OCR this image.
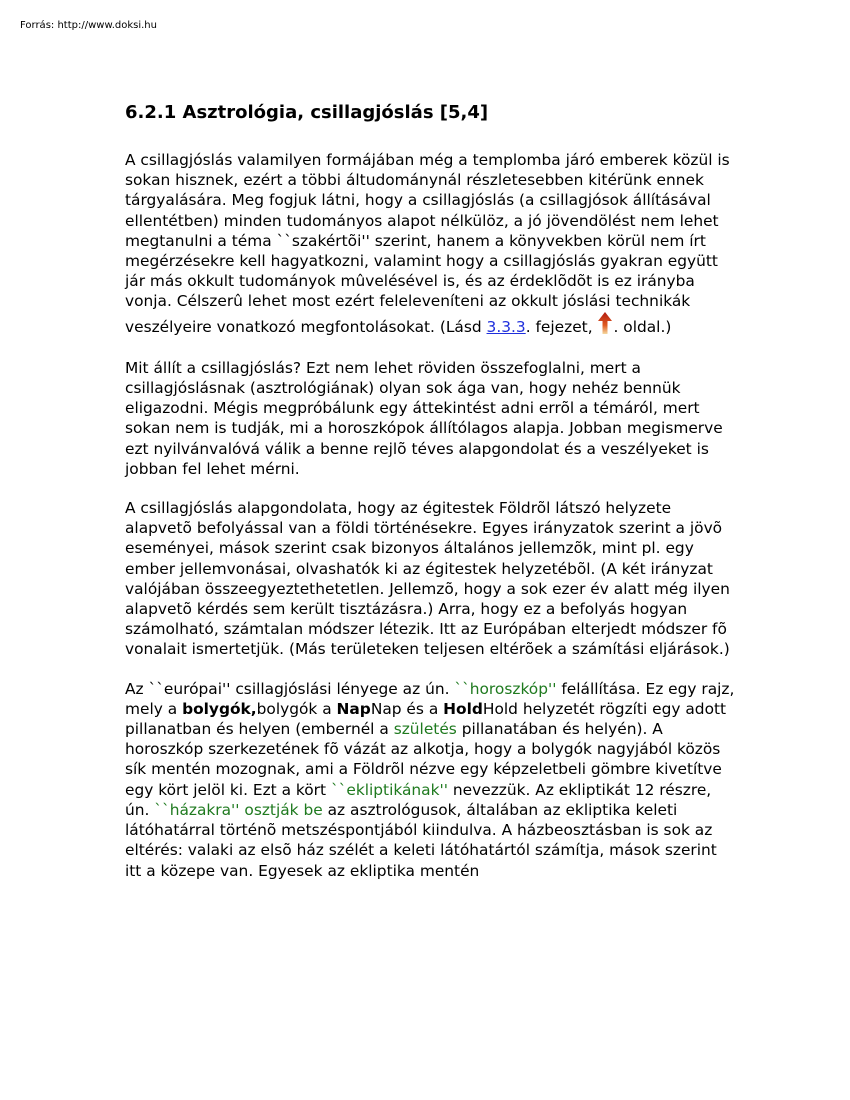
Forrás: http://www.doksi.hu
6.2.1 Asztrológia, csillagjóslás [5,4]

A csillagjóslás valamilyen formájában még a templomba járó emberek közül is sokan hisznek, ezért a többi áltudománynál részletesebben kitérünk ennek tárgyalására. Meg fogjuk látni, hogy a csillagjóslás (a csillagjósok állításával ellentétben) minden tudományos alapot nélkülöz, a jó jövendölést nem lehet megtanulni a téma ``szakértõi'' szerint, hanem a könyvekben körül nem írt megérzésekre kell hagyatkozni, valamint hogy a csillagjóslás gyakran együtt jár más okkult tudományok mûvelésével is, és az érdeklõdõt is ez irányba vonja. Célszerû lehet most ezért feleleveníteni az okkult jóslási technikák veszélyeire vonatkozó megfontolásokat. (Lásd 3.3.3. fejezet, . oldal.)

Mit állít a csillagjóslás? Ezt nem lehet röviden összefoglalni, mert a csillagjóslásnak (asztrológiának) olyan sok ága van, hogy nehéz bennük eligazodni. Mégis megpróbálunk egy áttekintést adni errõl a témáról, mert sokan nem is tudják, mi a horoszkópok állítólagos alapja. Jobban megismerve ezt nyilvánvalóvá válik a benne rejlõ téves alapgondolat és a veszélyeket is jobban fel lehet mérni.

A csillagjóslás alapgondolata, hogy az égitestek Földrõl látszó helyzete alapvetõ befolyással van a földi történésekre. Egyes irányzatok szerint a jövõ eseményei, mások szerint csak bizonyos általános jellemzõk, mint pl. egy ember jellemvonásai, olvashatók ki az égitestek helyzetébõl. (A két irányzat valójában összeegyeztethetetlen. Jellemzõ, hogy a sok ezer év alatt még ilyen alapvetõ kérdés sem került tisztázásra.) Arra, hogy ez a befolyás hogyan számolható, számtalan módszer létezik. Itt az Európában elterjedt módszer fõ vonalait ismertetjük. (Más területeken teljesen eltérõek a számítási eljárások.)

Az ``európai'' csillagjóslási lényege az ún. ``horoszkóp'' felállítása. Ez egy rajz, mely a bolygók,bolygók a NapNap és a HoldHold helyzetét rögzíti egy adott pillanatban és helyen (embernél a születés pillanatában és helyén). A horoszkóp szerkezetének fõ vázát az alkotja, hogy a bolygók nagyjából közös sík mentén mozognak, ami a Földrõl nézve egy képzeletbeli gömbre kivetítve egy kört jelöl ki. Ezt a kört ``ekliptikának'' nevezzük. Az ekliptikát 12 részre, ún. ``házakra'' osztják be az asztrológusok, általában az ekliptika keleti látóhatárral történõ metszéspontjából kiindulva. A házbeosztásban is sok az eltérés: valaki az elsõ ház szélét a keleti látóhatártól számítja, mások szerint itt a közepe van. Egyesek az ekliptika mentén
